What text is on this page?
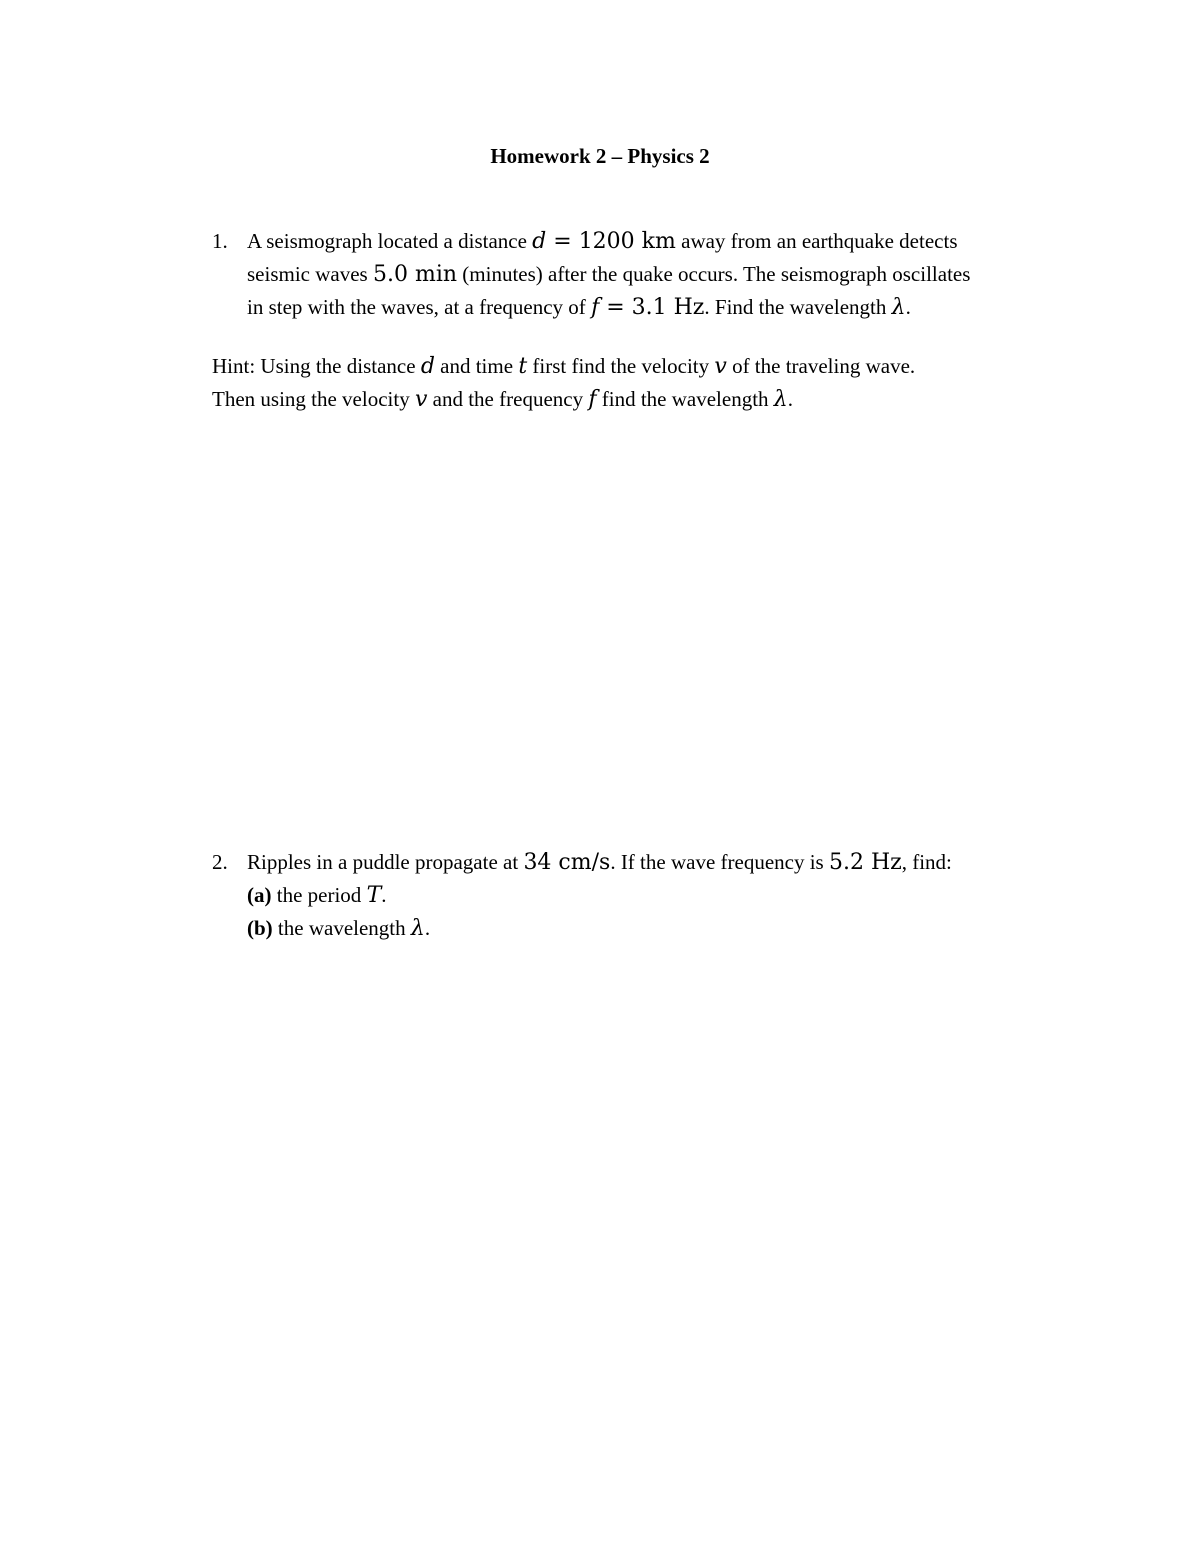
Homework 2 – Physics 2
1. A seismograph located a distance d = 1200 km away from an earthquake detects
seismic waves 5.0 min (minutes) after the quake occurs. The seismograph oscillates
in step with the waves, at a frequency of f = 3.1 Hz. Find the wavelength λ.
Hint: Using the distance d and time t first find the velocity v of the traveling wave.
Then using the velocity v and the frequency f find the wavelength λ.
2. Ripples in a puddle propagate at 34 cm/s. If the wave frequency is 5.2 Hz, find:
(a) the period T.
(b) the wavelength λ.
